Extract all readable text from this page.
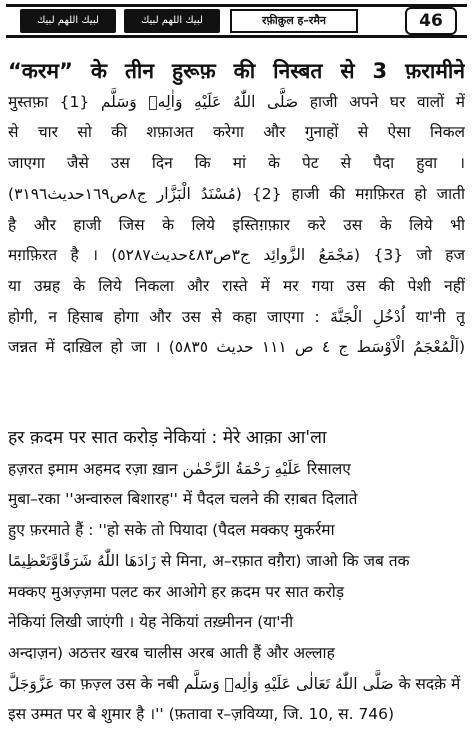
لبيك اللهم لبيك	لبيك اللهم لبيك	रफ़ीक़ुल ह–रमैन	46
“करम” के तीन हुरूफ़ की निस्बत से 3 फ़रामीने
मुस्तफ़ा صَلَّى اللّٰهُ عَلَيْهِ وَاٰلِهٖ وَسَلَّم {1} हाजी अपने घर वालों में
से चार सो की शफ़ाअत करेगा और गुनाहों से ऐसा निकल
जाएगा जैसे उस दिन कि मां के पेट से पैदा हुवा ।
(مُسْنَدُ الْبَزَّار ج٨ص١٦٩حديث٣١٩٦) {2} हाजी की मग़फ़िरत हो जाती
है और हाजी जिस के लिये इस्तिग़फ़ार करे उस के लिये भी
मग़फ़िरत है । (مَجْمَعُ الزَّوائِد ج٣ص٤٨٣حديث٥٢٨٧) {3} जो हज
या उम्रह के लिये निकला और रास्ते में मर गया उस की पेशी नहीं
होगी, न हिसाब होगा और उस से कहा जाएगा : اُدْخُلِ الْجَنَّةَ या'नी तू
जन्नत में दाख़िल हो जा । (اَلْمُعْجَمُ الْاَوْسَط ج ٤ ص ١١١ حديث ٥٨٣٥)
हर क़दम पर सात करोड़ नेकियां : मेरे आक़ा आ'ला
हज़रत इमाम अहमद रज़ा ख़ान عَلَيْهِ رَحْمَةُ الرَّحْمٰن रिसालए
मुबा–रका ''अन्वारुल बिशारह'' में पैदल चलने की रग़बत दिलाते
हुए फ़रमाते हैं : ''हो सके तो पियादा (पैदल मक्कए मुकर्रमा
زَادَهَا اللّٰهُ شَرَفًاوَّتَعْظِيمًا से मिना, अ–रफ़ात वग़ैरा) जाओ कि जब तक
मक्कए मुअज़्ज़मा पलट कर आओगे हर क़दम पर सात करोड़
नेकियां लिखी जाएंगी । येह नेकियां तख़्मीनन (या'नी
अन्दाज़न) अठत्तर खरब चालीस अरब आती हैं और अल्लाह
عَزَّوَجَلَّ का फ़ज़्ल उस के नबी صَلَّى اللّٰهُ تَعَالٰى عَلَيْهِ وَاٰلِهٖ وَسَلَّم के सदक़े में
इस उम्मत पर बे शुमार है ।'' (फ़तावा र–ज़विय्या, जि. 10, स. 746)
